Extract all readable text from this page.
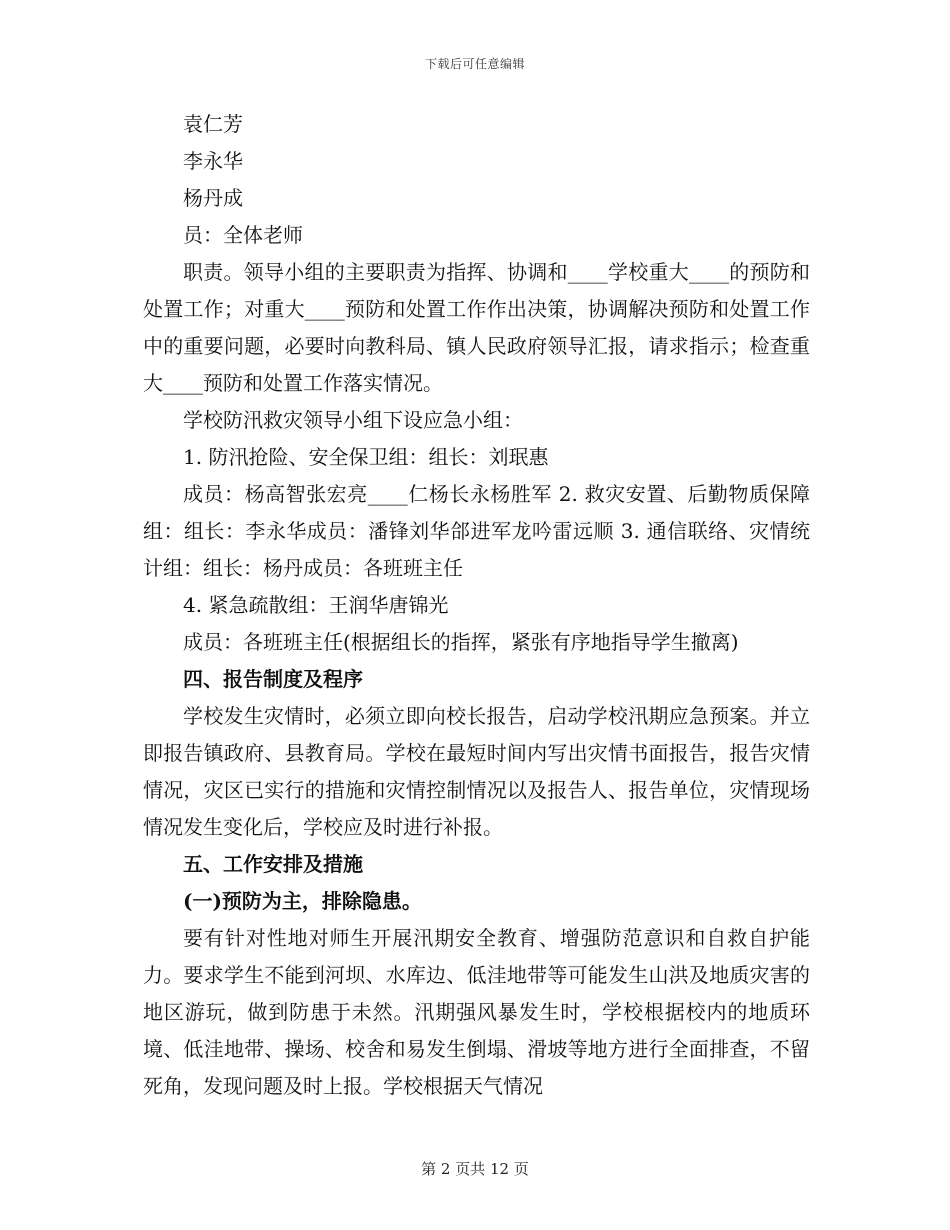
下载后可任意编辑

袁仁芳

李永华

杨丹成

员：全体老师

职责。领导小组的主要职责为指挥、协调和____学校重大____的预防和处置工作；对重大____预防和处置工作作出决策，协调解决预防和处置工作中的重要问题，必要时向教科局、镇人民政府领导汇报，请求指示；检查重大____预防和处置工作落实情况。

学校防汛救灾领导小组下设应急小组：

1. 防汛抢险、安全保卫组：组长：刘珉惠

成员：杨高智张宏亮____仁杨长永杨胜军 2. 救灾安置、后勤物质保障组：组长：李永华成员：潘锋刘华郃进军龙吟雷远顺 3. 通信联络、灾情统计组：组长：杨丹成员：各班班主任

4. 紧急疏散组：王润华唐锦光

成员：各班班主任(根据组长的指挥，紧张有序地指导学生撤离)

四、报告制度及程序

学校发生灾情时，必须立即向校长报告，启动学校汛期应急预案。并立即报告镇政府、县教育局。学校在最短时间内写出灾情书面报告，报告灾情情况，灾区已实行的措施和灾情控制情况以及报告人、报告单位，灾情现场情况发生变化后，学校应及时进行补报。

五、工作安排及措施

(一)预防为主，排除隐患。

要有针对性地对师生开展汛期安全教育、增强防范意识和自救自护能力。要求学生不能到河坝、水库边、低洼地带等可能发生山洪及地质灾害的地区游玩，做到防患于未然。汛期强风暴发生时，学校根据校内的地质环境、低洼地带、操场、校舍和易发生倒塌、滑坡等地方进行全面排查，不留死角，发现问题及时上报。学校根据天气情况

第 2 页共 12 页
